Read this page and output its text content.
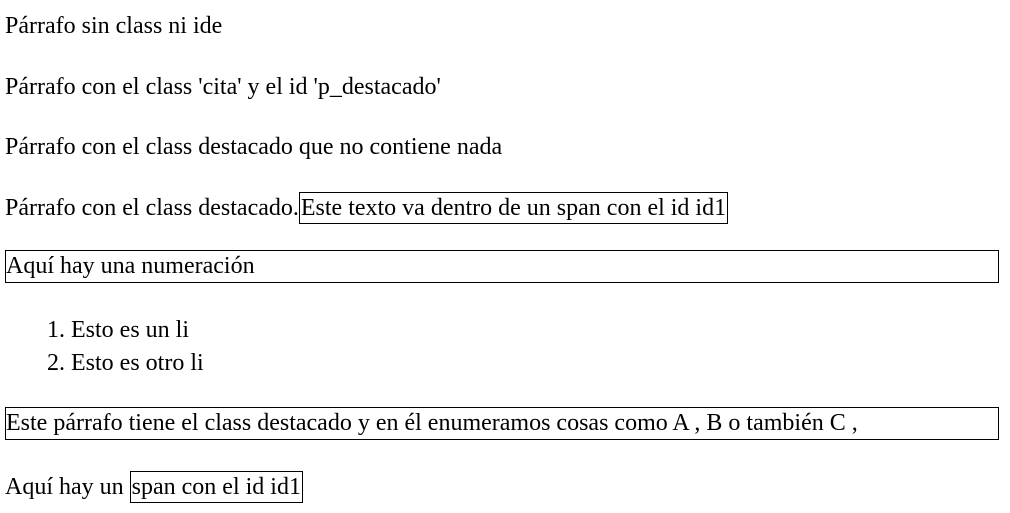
Párrafo sin class ni ide
Párrafo con el class 'cita' y el id 'p_destacado'
Párrafo con el class destacado que no contiene nada
Párrafo con el class destacado.Este texto va dentro de un span con el id id1
Aquí hay una numeración
1. Esto es un li
2. Esto es otro li
Este párrafo tiene el class destacado y en él enumeramos cosas como A , B o también C ,
Aquí hay un span con el id id1
